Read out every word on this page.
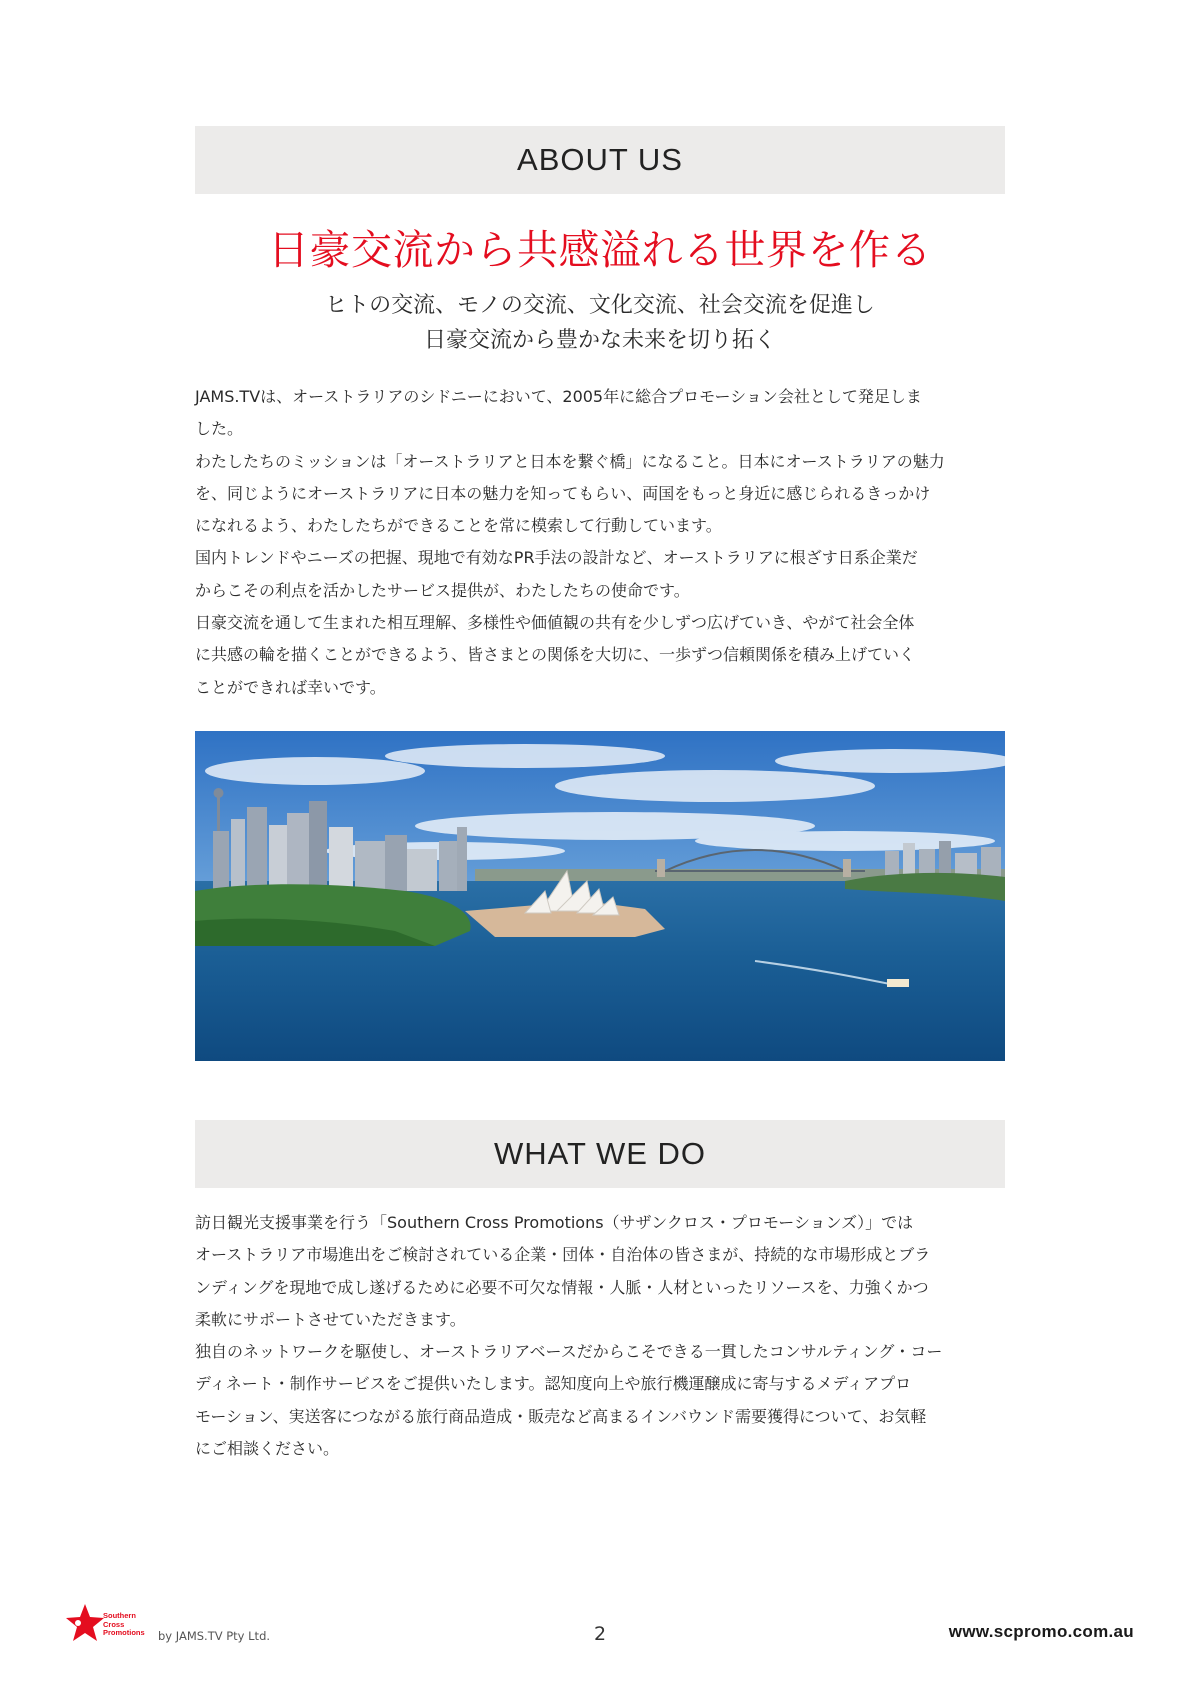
ABOUT US
日豪交流から共感溢れる世界を作る
ヒトの交流、モノの交流、文化交流、社会交流を促進し
日豪交流から豊かな未来を切り拓く
JAMS.TVは、オーストラリアのシドニーにおいて、2005年に総合プロモーション会社として発足しま
した。
わたしたちのミッションは「オーストラリアと日本を繋ぐ橋」になること。日本にオーストラリアの魅力
を、同じようにオーストラリアに日本の魅力を知ってもらい、両国をもっと身近に感じられるきっかけ
になれるよう、わたしたちができることを常に模索して行動しています。
国内トレンドやニーズの把握、現地で有効なPR手法の設計など、オーストラリアに根ざす日系企業だ
からこその利点を活かしたサービス提供が、わたしたちの使命です。
日豪交流を通して生まれた相互理解、多様性や価値観の共有を少しずつ広げていき、やがて社会全体
に共感の輪を描くことができるよう、皆さまとの関係を大切に、一歩ずつ信頼関係を積み上げていく
ことができれば幸いです。
WHAT WE DO
訪日観光支援事業を行う「Southern Cross Promotions（サザンクロス・プロモーションズ）」では
オーストラリア市場進出をご検討されている企業・団体・自治体の皆さまが、持続的な市場形成とブラ
ンディングを現地で成し遂げるために必要不可欠な情報・人脈・人材といったリソースを、力強くかつ
柔軟にサポートさせていただきます。
独自のネットワークを駆使し、オーストラリアベースだからこそできる一貫したコンサルティング・コー
ディネート・制作サービスをご提供いたします。認知度向上や旅行機運醸成に寄与するメディアプロ
モーション、実送客につながる旅行商品造成・販売など高まるインバウンド需要獲得について、お気軽
にご相談ください。
Southern
Cross
Promotions by JAMS.TV Pty Ltd.	2	www.scpromo.com.au
